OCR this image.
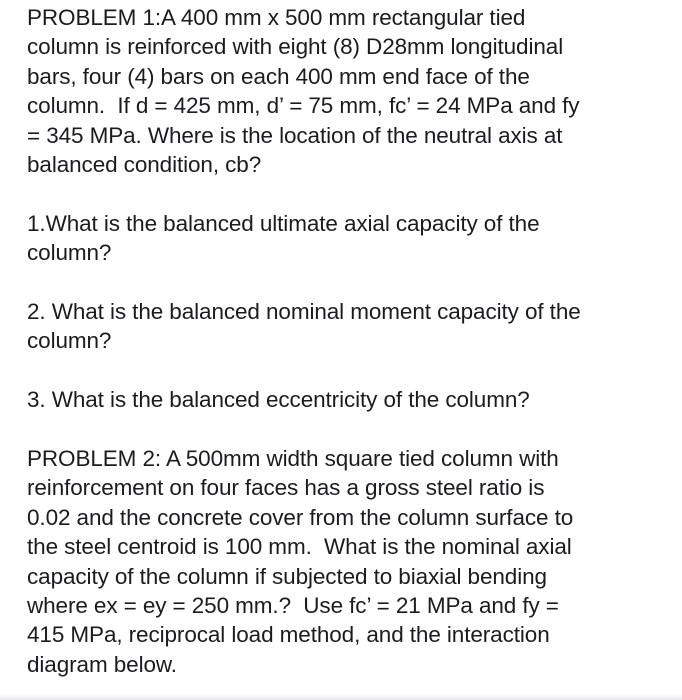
PROBLEM 1:A 400 mm x 500 mm rectangular tied
column is reinforced with eight (8) D28mm longitudinal
bars, four (4) bars on each 400 mm end face of the
column.  If d = 425 mm, d’ = 75 mm, fc’ = 24 MPa and fy
= 345 MPa. Where is the location of the neutral axis at
balanced condition, cb?

1.What is the balanced ultimate axial capacity of the
column?

2. What is the balanced nominal moment capacity of the
column?

3. What is the balanced eccentricity of the column?

PROBLEM 2: A 500mm width square tied column with
reinforcement on four faces has a gross steel ratio is
0.02 and the concrete cover from the column surface to
the steel centroid is 100 mm.  What is the nominal axial
capacity of the column if subjected to biaxial bending
where ex = ey = 250 mm.?  Use fc’ = 21 MPa and fy =
415 MPa, reciprocal load method, and the interaction
diagram below.
